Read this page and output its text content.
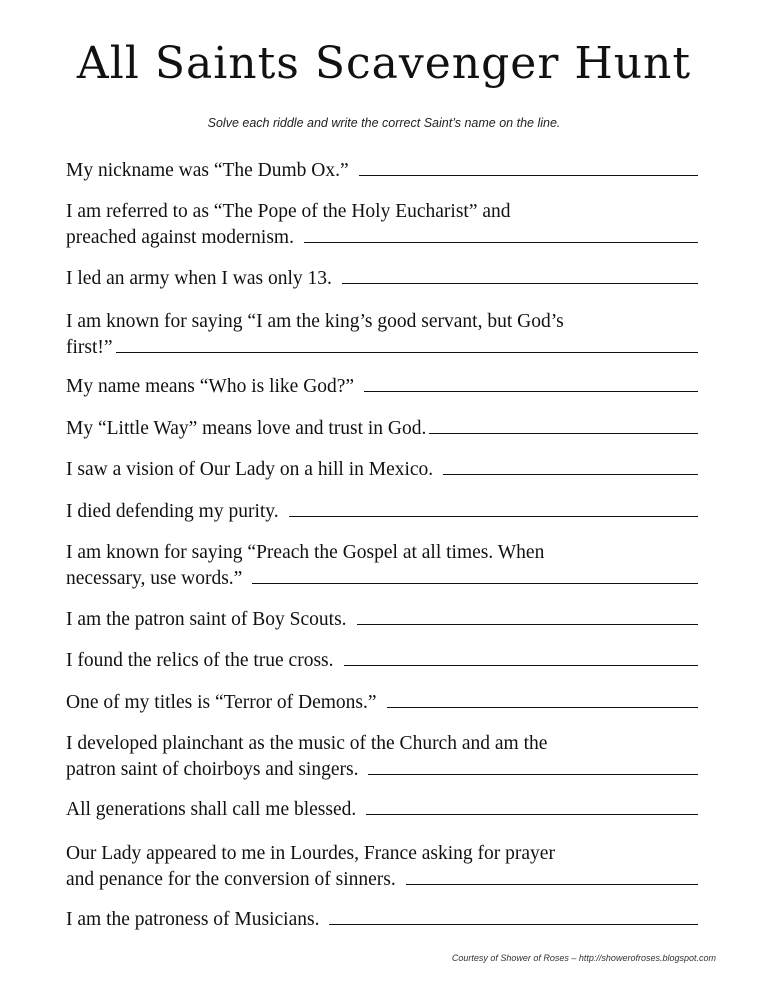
All Saints Scavenger Hunt
Solve each riddle and write the correct Saint’s name on the line.
My nickname was “The Dumb Ox.”
I am referred to as “The Pope of the Holy Eucharist” and
preached against modernism.
I led an army when I was only 13.
I am known for saying “I am the king’s good servant, but God’s
first!”
My name means “Who is like God?”
My “Little Way” means love and trust in God.
I saw a vision of Our Lady on a hill in Mexico.
I died defending my purity.
I am known for saying “Preach the Gospel at all times. When
necessary, use words.”
I am the patron saint of Boy Scouts.
I found the relics of the true cross.
One of my titles is “Terror of Demons.”
I developed plainchant as the music of the Church and am the
patron saint of choirboys and singers.
All generations shall call me blessed.
Our Lady appeared to me in Lourdes, France asking for prayer
and penance for the conversion of sinners.
I am the patroness of Musicians.
Courtesy of Shower of Roses – http://showerofroses.blogspot.com
